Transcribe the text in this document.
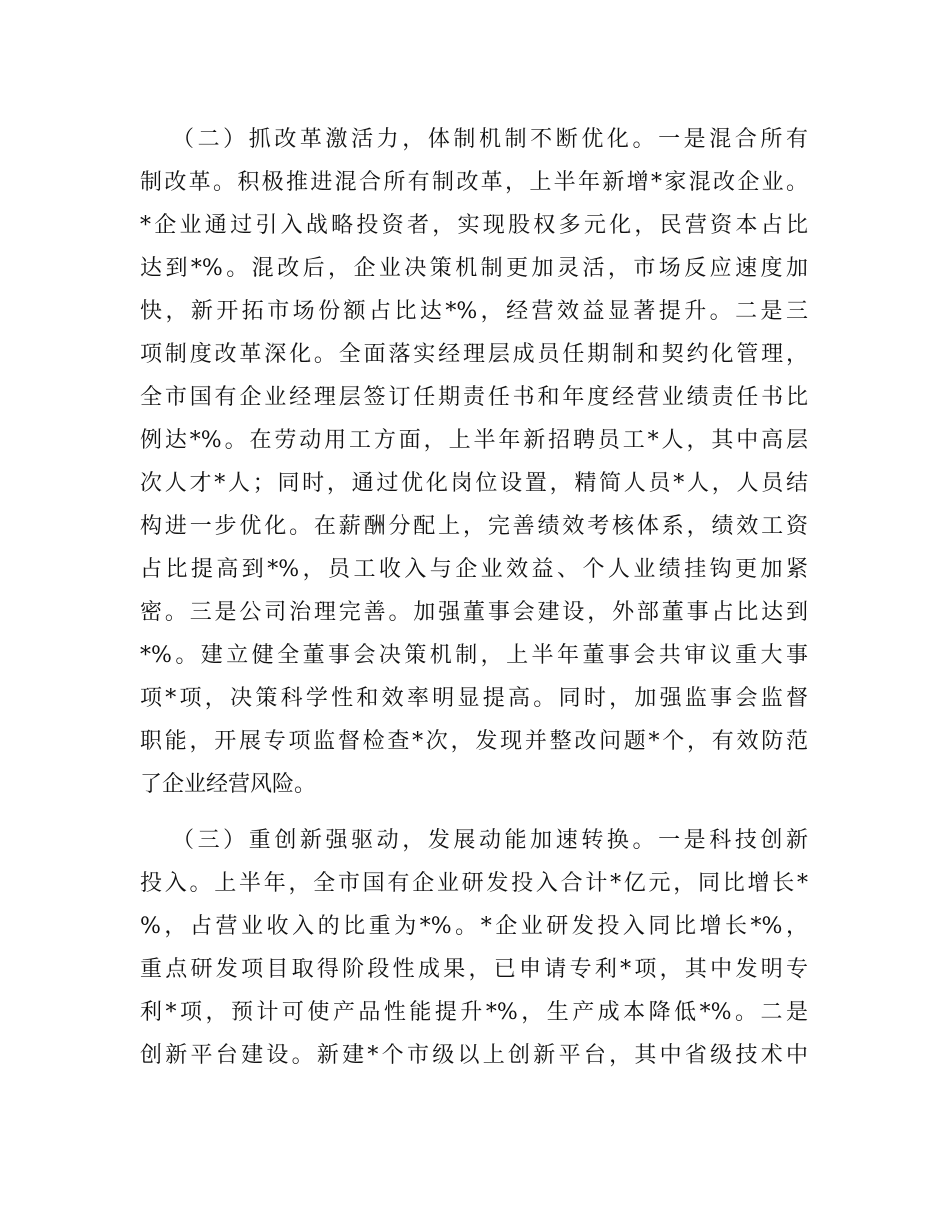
（二）抓改革激活力，体制机制不断优化。一是混合所有
制改革。积极推进混合所有制改革，上半年新增*家混改企业。
*企业通过引入战略投资者，实现股权多元化，民营资本占比
达到*%。混改后，企业决策机制更加灵活，市场反应速度加
快，新开拓市场份额占比达*%，经营效益显著提升。二是三
项制度改革深化。全面落实经理层成员任期制和契约化管理，
全市国有企业经理层签订任期责任书和年度经营业绩责任书比
例达*%。在劳动用工方面，上半年新招聘员工*人，其中高层
次人才*人；同时，通过优化岗位设置，精简人员*人，人员结
构进一步优化。在薪酬分配上，完善绩效考核体系，绩效工资
占比提高到*%，员工收入与企业效益、个人业绩挂钩更加紧
密。三是公司治理完善。加强董事会建设，外部董事占比达到
*%。建立健全董事会决策机制，上半年董事会共审议重大事
项*项，决策科学性和效率明显提高。同时，加强监事会监督
职能，开展专项监督检查*次，发现并整改问题*个，有效防范
了企业经营风险。
（三）重创新强驱动，发展动能加速转换。一是科技创新
投入。上半年，全市国有企业研发投入合计*亿元，同比增长*
%，占营业收入的比重为*%。*企业研发投入同比增长*%，
重点研发项目取得阶段性成果，已申请专利*项，其中发明专
利*项，预计可使产品性能提升*%，生产成本降低*%。二是
创新平台建设。新建*个市级以上创新平台，其中省级技术中
